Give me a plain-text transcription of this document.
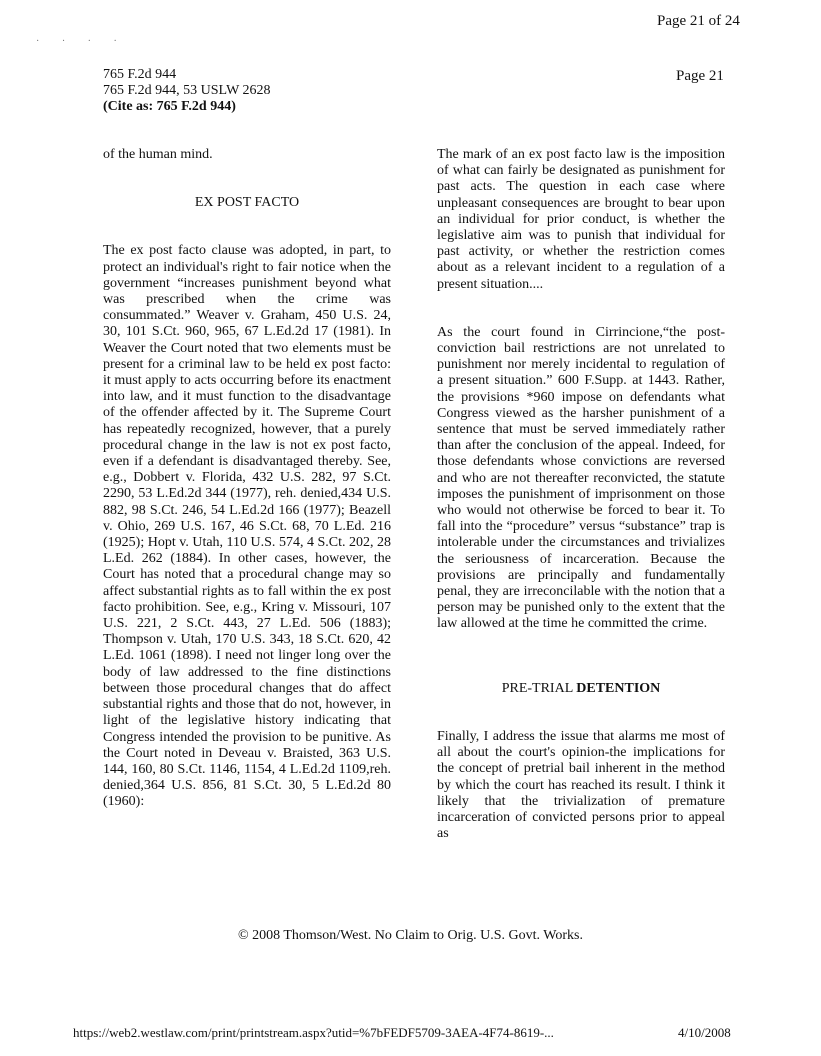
· · · ·
Page 21 of 24
765 F.2d 944
765 F.2d 944, 53 USLW 2628
(Cite as: 765 F.2d 944)
Page 21

of the human mind.

EX POST FACTO

The ex post facto clause was adopted, in part, to protect an individual's right to fair notice when the government “increases punishment beyond what was prescribed when the crime was consummated.” Weaver v. Graham, 450 U.S. 24, 30, 101 S.Ct. 960, 965, 67 L.Ed.2d 17 (1981). In Weaver the Court noted that two elements must be present for a criminal law to be held ex post facto: it must apply to acts occurring before its enactment into law, and it must function to the disadvantage of the offender affected by it. The Supreme Court has repeatedly recognized, however, that a purely procedural change in the law is not ex post facto, even if a defendant is disadvantaged thereby. See, e.g., Dobbert v. Florida, 432 U.S. 282, 97 S.Ct. 2290, 53 L.Ed.2d 344 (1977), reh. denied,434 U.S. 882, 98 S.Ct. 246, 54 L.Ed.2d 166 (1977); Beazell v. Ohio, 269 U.S. 167, 46 S.Ct. 68, 70 L.Ed. 216 (1925); Hopt v. Utah, 110 U.S. 574, 4 S.Ct. 202, 28 L.Ed. 262 (1884). In other cases, however, the Court has noted that a procedural change may so affect substantial rights as to fall within the ex post facto prohibition. See, e.g., Kring v. Missouri, 107 U.S. 221, 2 S.Ct. 443, 27 L.Ed. 506 (1883); Thompson v. Utah, 170 U.S. 343, 18 S.Ct. 620, 42 L.Ed. 1061 (1898). I need not linger long over the body of law addressed to the fine distinctions between those procedural changes that do affect substantial rights and those that do not, however, in light of the legislative history indicating that Congress intended the provision to be punitive. As the Court noted in Deveau v. Braisted, 363 U.S. 144, 160, 80 S.Ct. 1146, 1154, 4 L.Ed.2d 1109,reh. denied,364 U.S. 856, 81 S.Ct. 30, 5 L.Ed.2d 80 (1960):

The mark of an ex post facto law is the imposition of what can fairly be designated as punishment for past acts. The question in each case where unpleasant consequences are brought to bear upon an individual for prior conduct, is whether the legislative aim was to punish that individual for past activity, or whether the restriction comes about as a relevant incident to a regulation of a present situation....

As the court found in Cirrincione,“the post-conviction bail restrictions are not unrelated to punishment nor merely incidental to regulation of a present situation.” 600 F.Supp. at 1443. Rather, the provisions *960 impose on defendants what Congress viewed as the harsher punishment of a sentence that must be served immediately rather than after the conclusion of the appeal. Indeed, for those defendants whose convictions are reversed and who are not thereafter reconvicted, the statute imposes the punishment of imprisonment on those who would not otherwise be forced to bear it. To fall into the “procedure” versus “substance” trap is intolerable under the circumstances and trivializes the seriousness of incarceration. Because the provisions are principally and fundamentally penal, they are irreconcilable with the notion that a person may be punished only to the extent that the law allowed at the time he committed the crime.

PRE-TRIAL DETENTION

Finally, I address the issue that alarms me most of all about the court's opinion-the implications for the concept of pretrial bail inherent in the method by which the court has reached its result. I think it likely that the trivialization of premature incarceration of convicted persons prior to appeal as

© 2008 Thomson/West. No Claim to Orig. U.S. Govt. Works.
https://web2.westlaw.com/print/printstream.aspx?utid=%7bFEDF5709-3AEA-4F74-8619-...	4/10/2008
